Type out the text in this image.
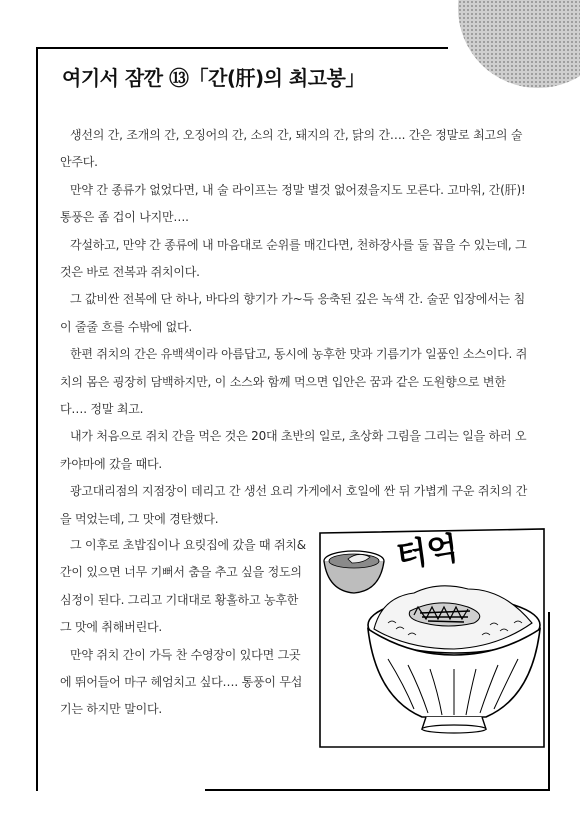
여기서 잠깐 ⑬「간(肝)의 최고봉」

생선의 간, 조개의 간, 오징어의 간, 소의 간, 돼지의 간, 닭의 간…. 간은 정말로 최고의 술안주다.

만약 간 종류가 없었다면, 내 술 라이프는 정말 별것 없어졌을지도 모른다. 고마워, 간(肝)! 통풍은 좀 겁이 나지만….

각설하고, 만약 간 종류에 내 마음대로 순위를 매긴다면, 천하장사를 둘 꼽을 수 있는데, 그것은 바로 전복과 쥐치이다.

그 값비싼 전복에 단 하나, 바다의 향기가 가~득 응축된 깊은 녹색 간. 술꾼 입장에서는 침이 줄줄 흐를 수밖에 없다.

한편 쥐치의 간은 유백색이라 아름답고, 동시에 농후한 맛과 기름기가 일품인 소스이다. 쥐치의 몸은 굉장히 담백하지만, 이 소스와 함께 먹으면 입안은 꿈과 같은 도원향으로 변한다…. 정말 최고.

내가 처음으로 쥐치 간을 먹은 것은 20대 초반의 일로, 초상화 그림을 그리는 일을 하러 오카야마에 갔을 때다.

광고대리점의 지점장이 데리고 간 생선 요리 가게에서 호일에 싼 뒤 가볍게 구운 쥐치의 간을 먹었는데, 그 맛에 경탄했다.

그 이후로 초밥집이나 요릿집에 갔을 때 쥐치&간이 있으면 너무 기뻐서 춤을 추고 싶을 정도의 심정이 된다. 그리고 기대대로 황홀하고 농후한 그 맛에 취해버린다.

만약 쥐치 간이 가득 찬 수영장이 있다면 그곳에 뛰어들어 마구 헤엄치고 싶다…. 통풍이 무섭기는 하지만 말이다.

터억
